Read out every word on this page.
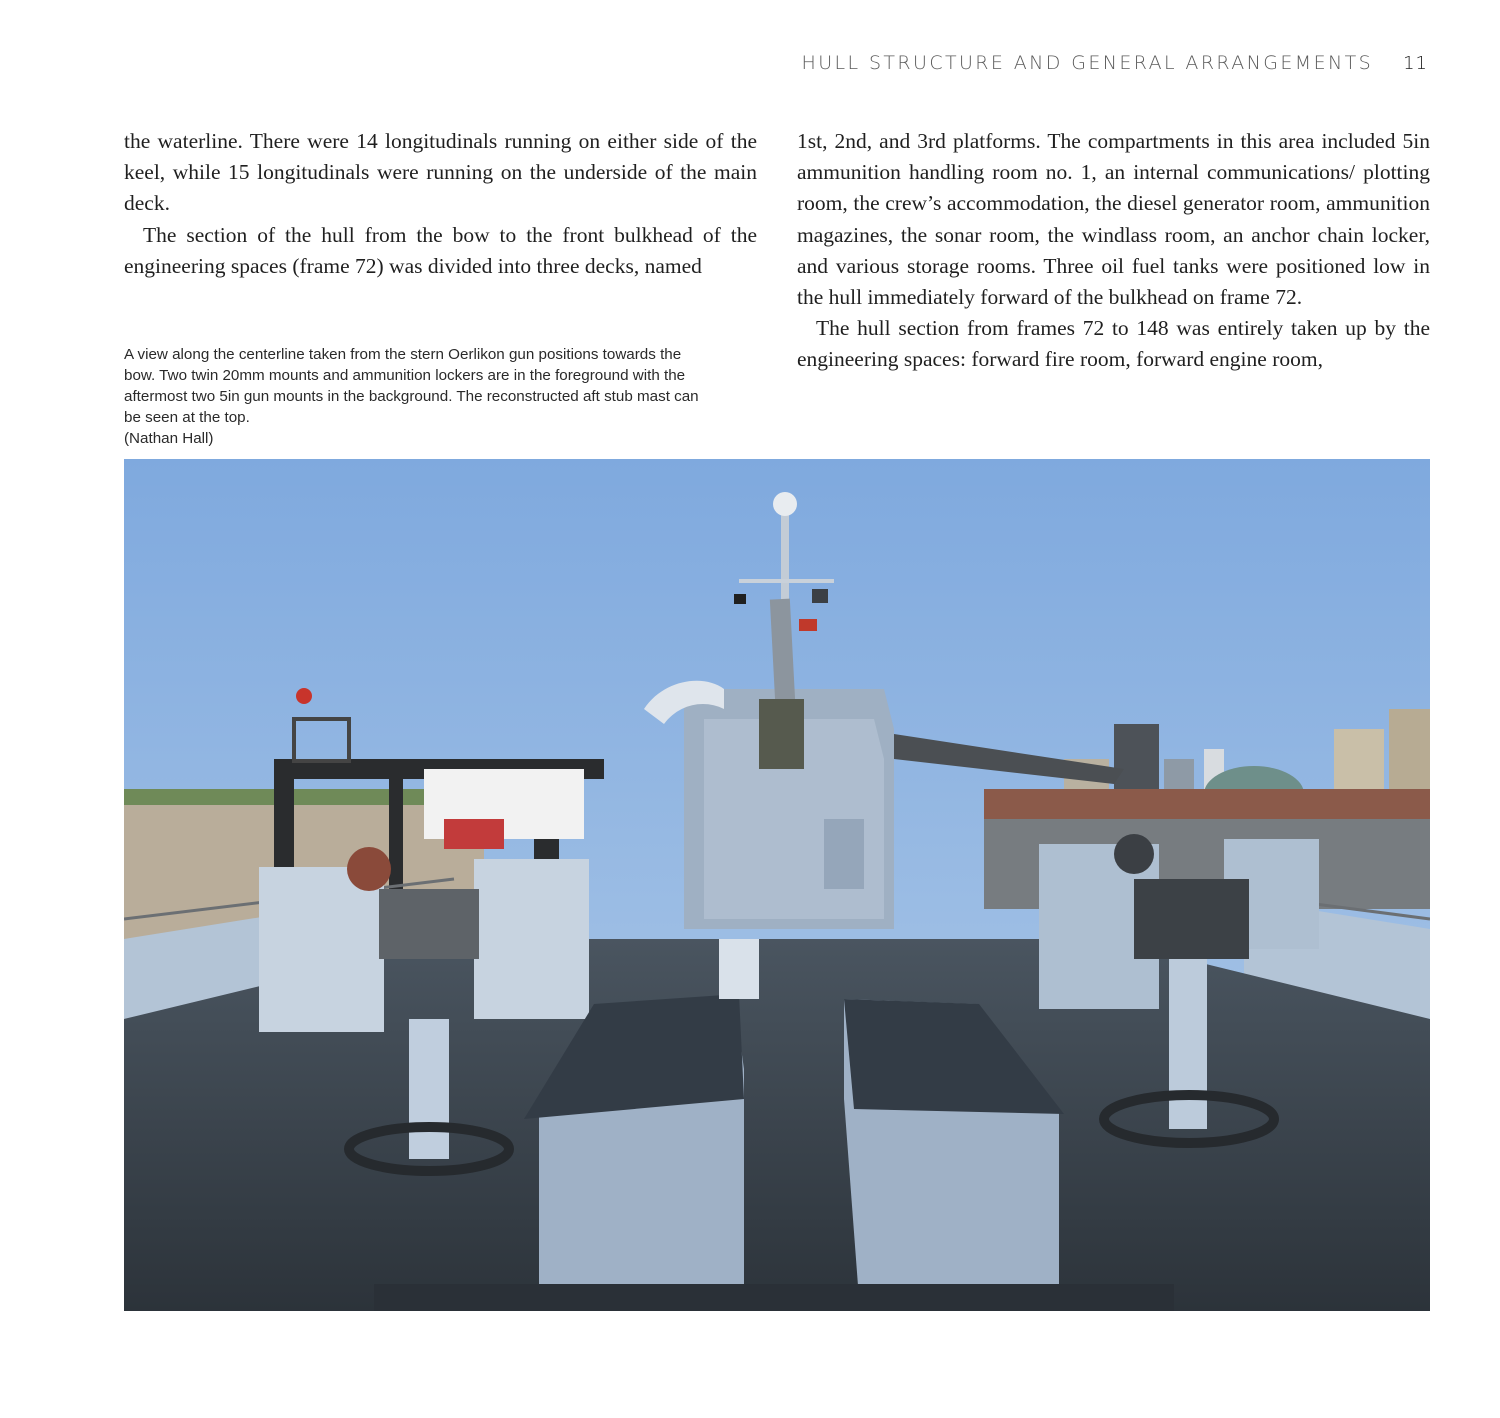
HULL STRUCTURE AND GENERAL ARRANGEMENTS 11

the waterline. There were 14 longitudinals running on either side of the keel, while 15 longitudinals were running on the underside of the main deck.

The section of the hull from the bow to the front bulkhead of the engineering spaces (frame 72) was divided into three decks, named

1st, 2nd, and 3rd platforms. The compartments in this area included 5in ammunition handling room no. 1, an internal communications/ plotting room, the crew’s accommodation, the diesel generator room, ammunition magazines, the sonar room, the windlass room, an anchor chain locker, and various storage rooms. Three oil fuel tanks were positioned low in the hull immediately forward of the bulkhead on frame 72.

The hull section from frames 72 to 148 was entirely taken up by the engineering spaces: forward fire room, forward engine room,

A view along the centerline taken from the stern Oerlikon gun positions towards the bow. Two twin 20mm mounts and ammunition lockers are in the foreground with the aftermost two 5in gun mounts in the background. The reconstructed aft stub mast can be seen at the top.
(Nathan Hall)
